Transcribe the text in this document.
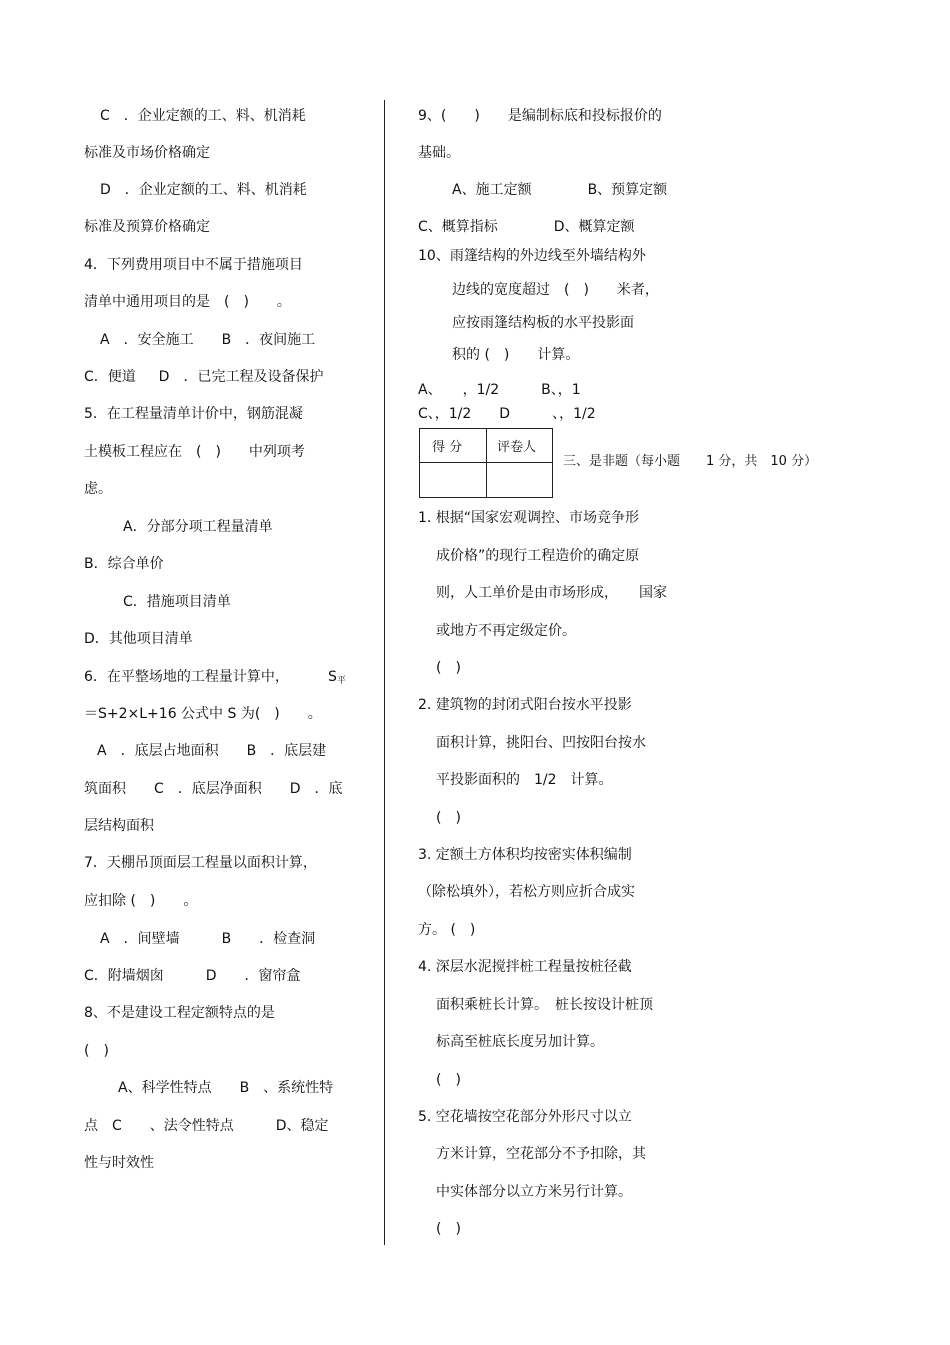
C　．企业定额的工、料、机消耗
标准及市场价格确定
D　．企业定额的工、料、机消耗
标准及预算价格确定
4．下列费用项目中不属于措施项目
清单中通用项目的是　(　)　　。
A　．安全施工　　B　．夜间施工
C．便道　  D　．已完工程及设备保护
5．在工程量清单计价中，钢筋混凝
土模板工程应在　(　)　　中列项考
虑。
A．分部分项工程量清单
B．综合单价
C．措施项目清单
D．其他项目清单
6．在平整场地的工程量计算中，	$S_平$
＝S+2×L+16 公式中 S 为(　)　　。
A　．底层占地面积　　B　．底层建
筑面积　　C　．底层净面积　　D　．底
层结构面积
7．天棚吊顶面层工程量以面积计算，
应扣除 (　)　　。
A　．间壁墙　　　B　　．检查洞
C．附墙烟囱　　　D　　．窗帘盒
8、不是建设工程定额特点的是
(　)
A、科学性特点　　B　、系统性特
点　C　　、法令性特点　　　D、稳定
性与时效性
9、(　　)　　是编制标底和投标报价的
基础。
A、施工定额　　　　B、预算定额
C、概算指标　　　　D、概算定额
10、雨篷结构的外边线至外墙结构外
边线的宽度超过　(　)　　米者，
应按雨篷结构板的水平投影面
积的 (　)　　计算。
A、　　，1/2　　　B、，1
C、，1/2　　D　　　、，1/2
得 分	评卷人
三、是非题（每小题　　1 分，共　10 分）
1. 根据“国家宏观调控、市场竞争形
成价格”的现行工程造价的确定原
则，人工单价是由市场形成，　　国家
或地方不再定级定价。
(　)
2. 建筑物的封闭式阳台按水平投影
面积计算，挑阳台、凹按阳台按水
平投影面积的　1/2　计算。
(　)
3. 定额土方体积均按密实体积编制
（除松填外），若松方则应折合成实
方。 (　)
4. 深层水泥搅拌桩工程量按桩径截
面积乘桩长计算。　桩长按设计桩顶
标高至桩底长度另加计算。
(　)
5. 空花墙按空花部分外形尺寸以立
方米计算，空花部分不予扣除，其
中实体部分以立方米另行计算。
(　)
